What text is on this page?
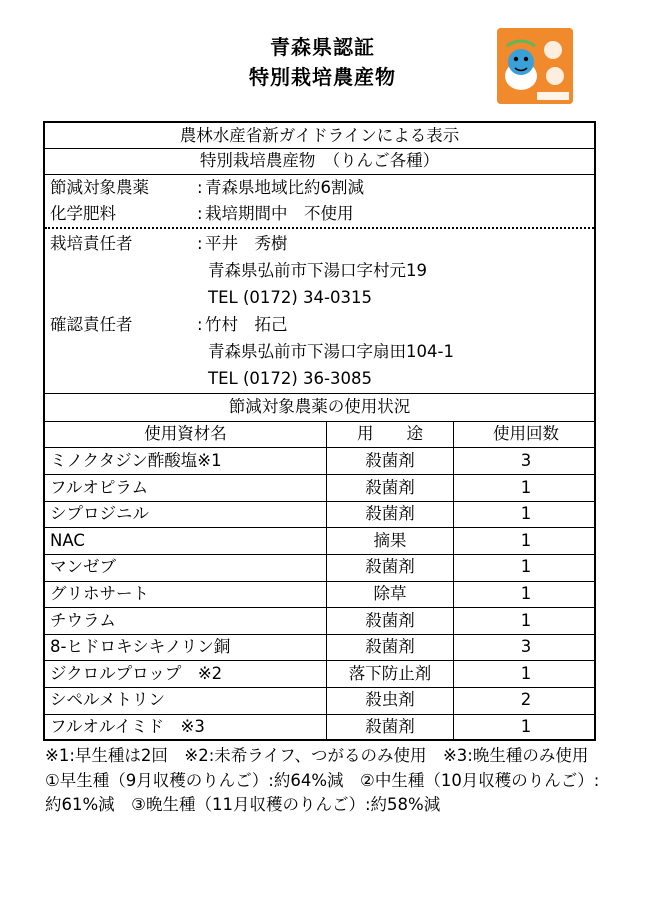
青森県認証
特別栽培農産物
農林水産省新ガイドラインによる表示
特別栽培農産物　（りんご各種）
節減対象農薬	: 青森県地域比約6割減
化学肥料	: 栽培期間中　不使用
栽培責任者	: 平井　秀樹
青森県弘前市下湯口字村元19
TEL (0172) 34-0315
確認責任者	: 竹村　拓己
青森県弘前市下湯口字扇田104-1
TEL (0172) 36-3085
節減対象農薬の使用状況
使用資材名	用　　途	使用回数
ミノクタジン酢酸塩※1	殺菌剤	3
フルオピラム	殺菌剤	1
シプロジニル	殺菌剤	1
NAC	摘果	1
マンゼブ	殺菌剤	1
グリホサート	除草	1
チウラム	殺菌剤	1
8-ヒドロキシキノリン銅	殺菌剤	3
ジクロルプロップ　※2	落下防止剤	1
シペルメトリン	殺虫剤	2
フルオルイミド　※3	殺菌剤	1

※1:早生種は2回　※2:未希ライフ、つがるのみ使用　※3:晩生種のみ使用

①早生種（9月収穫のりんご）:約64%減　②中生種（10月収穫のりんご）:約61%減　③晩生種（11月収穫のりんご）:約58%減
